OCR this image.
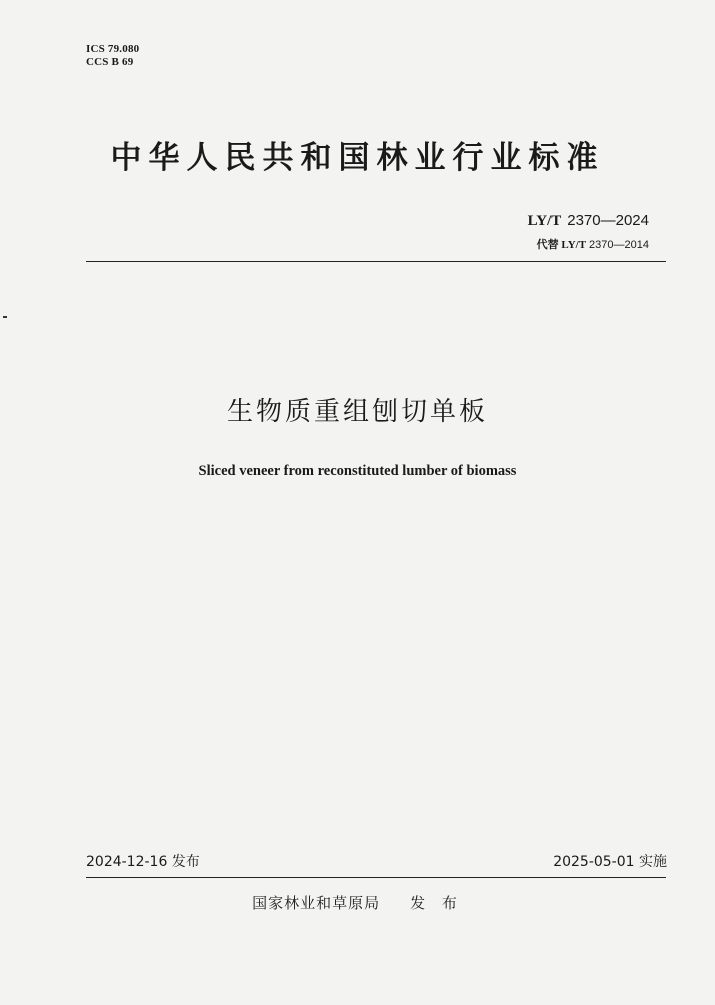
ICS 79.080
CCS B 69
中华人民共和国林业行业标准
LY/T 2370—2024
代替 LY/T 2370—2014
生物质重组刨切单板
Sliced veneer from reconstituted lumber of biomass
2024-12-16 发布	2025-05-01 实施
国家林业和草原局 发 布
